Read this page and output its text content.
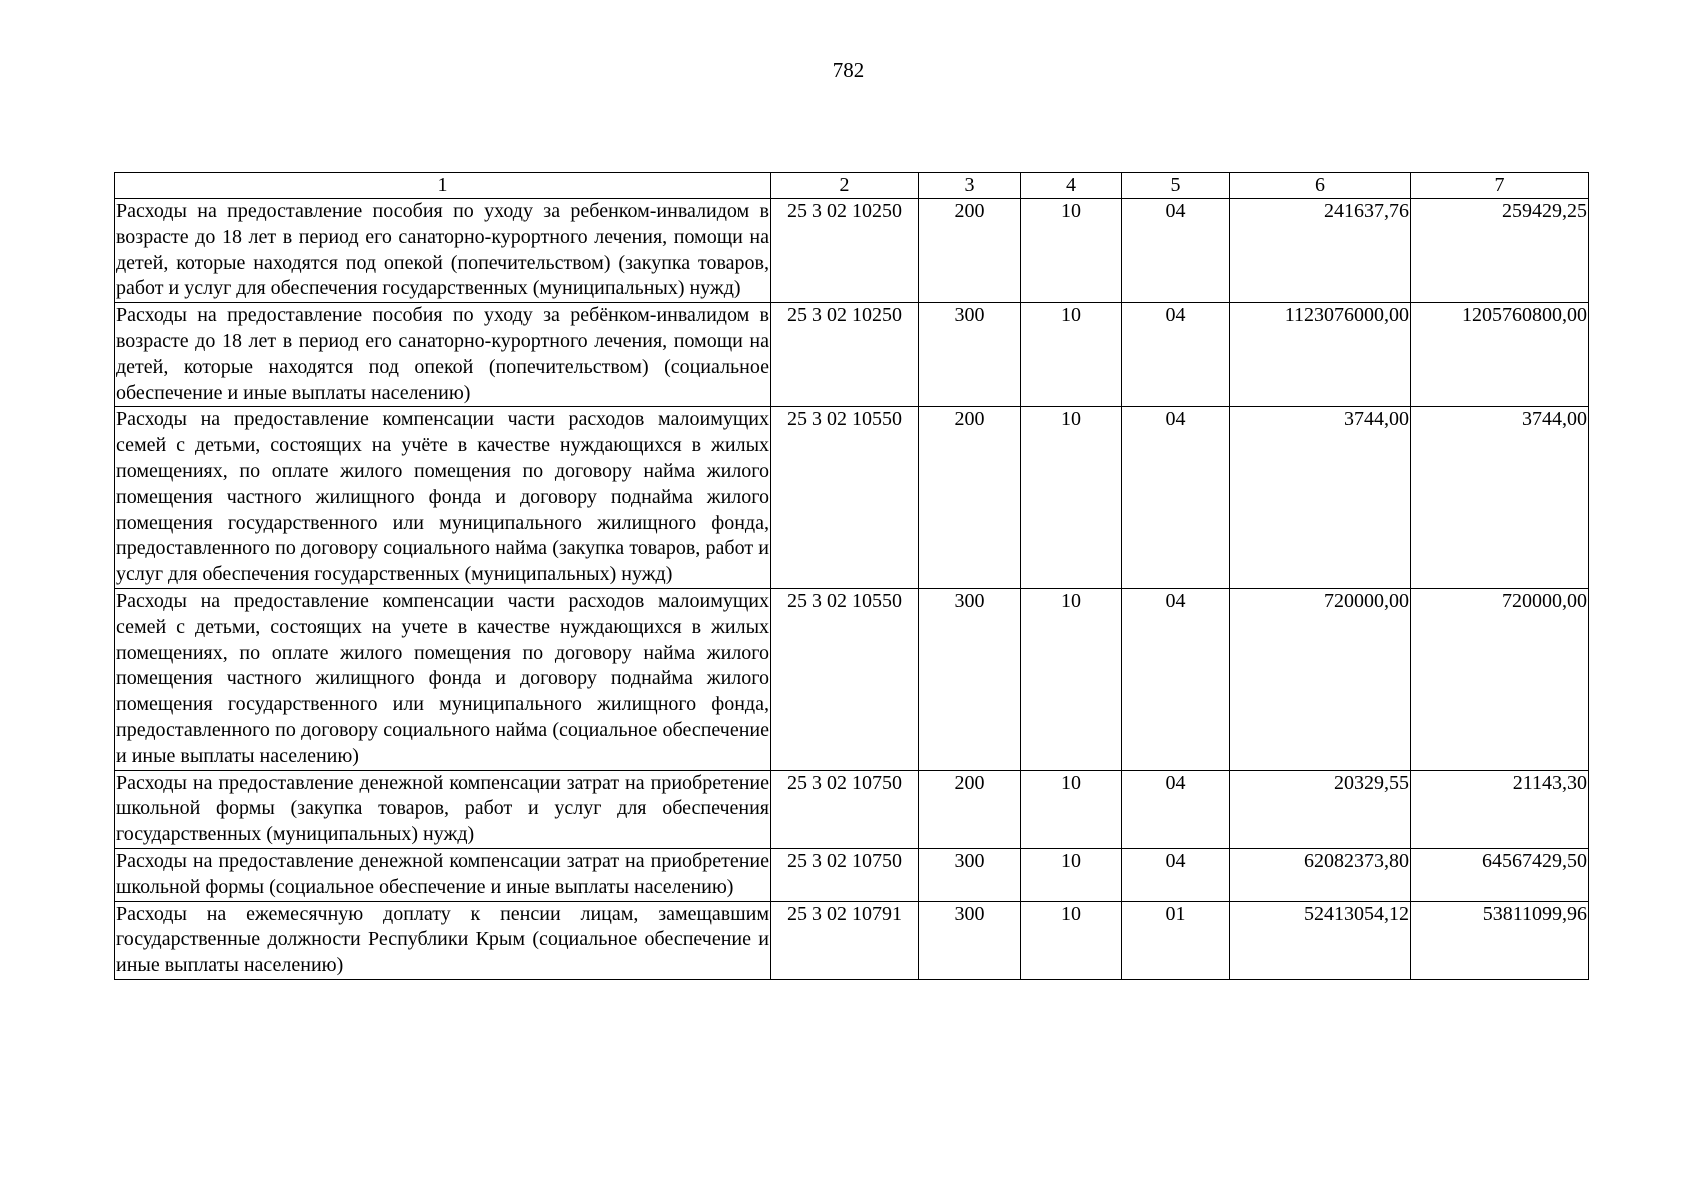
782
1	2	3	4	5	6	7
Расходы на предоставление пособия по уходу за ребенком-инвалидом в возрасте до 18 лет в период его санаторно-курортного лечения, помощи на детей, которые находятся под опекой (попечительством) (закупка товаров, работ и услуг для обеспечения государственных (муниципальных) нужд)	25 3 02 10250	200	10	04	241637,76	259429,25
Расходы на предоставление пособия по уходу за ребёнком-инвалидом в возрасте до 18 лет в период его санаторно-курортного лечения, помощи на детей, которые находятся под опекой (попечительством) (социальное обеспечение и иные выплаты населению)	25 3 02 10250	300	10	04	1123076000,00	1205760800,00
Расходы на предоставление компенсации части расходов малоимущих семей с детьми, состоящих на учёте в качестве нуждающихся в жилых помещениях, по оплате жилого помещения по договору найма жилого помещения частного жилищного фонда и договору поднайма жилого помещения государственного или муниципального жилищного фонда, предоставленного по договору социального найма (закупка товаров, работ и услуг для обеспечения государственных (муниципальных) нужд)	25 3 02 10550	200	10	04	3744,00	3744,00
Расходы на предоставление компенсации части расходов малоимущих семей с детьми, состоящих на учете в качестве нуждающихся в жилых помещениях, по оплате жилого помещения по договору найма жилого помещения частного жилищного фонда и договору поднайма жилого помещения государственного или муниципального жилищного фонда, предоставленного по договору социального найма (социальное обеспечение и иные выплаты населению)	25 3 02 10550	300	10	04	720000,00	720000,00
Расходы на предоставление денежной компенсации затрат на приобретение школьной формы (закупка товаров, работ и услуг для обеспечения государственных (муниципальных) нужд)	25 3 02 10750	200	10	04	20329,55	21143,30
Расходы на предоставление денежной компенсации затрат на приобретение школьной формы (социальное обеспечение и иные выплаты населению)	25 3 02 10750	300	10	04	62082373,80	64567429,50
Расходы на ежемесячную доплату к пенсии лицам, замещавшим государственные должности Республики Крым (социальное обеспечение и иные выплаты населению)	25 3 02 10791	300	10	01	52413054,12	53811099,96
